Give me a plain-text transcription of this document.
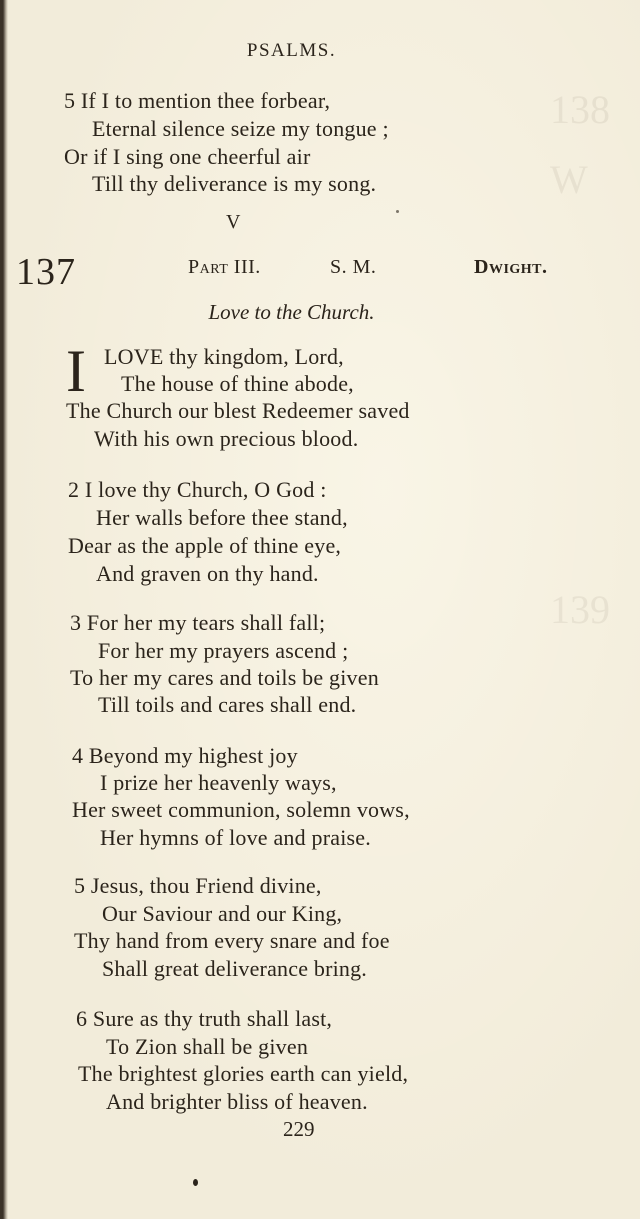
138
W
139
PSALMS.
5 If I to mention thee forbear,
Eternal silence seize my tongue ;
Or if I sing one cheerful air
Till thy deliverance is my song.
V
137	Part III.	S. M.	Dwight.
Love to the Church.
I LOVE thy kingdom, Lord,
The house of thine abode,
The Church our blest Redeemer saved
With his own precious blood.
2 I love thy Church, O God :
Her walls before thee stand,
Dear as the apple of thine eye,
And graven on thy hand.
3 For her my tears shall fall;
For her my prayers ascend ;
To her my cares and toils be given
Till toils and cares shall end.
4 Beyond my highest joy
I prize her heavenly ways,
Her sweet communion, solemn vows,
Her hymns of love and praise.
5 Jesus, thou Friend divine,
Our Saviour and our King,
Thy hand from every snare and foe
Shall great deliverance bring.
6 Sure as thy truth shall last,
To Zion shall be given
The brightest glories earth can yield,
And brighter bliss of heaven.
229
